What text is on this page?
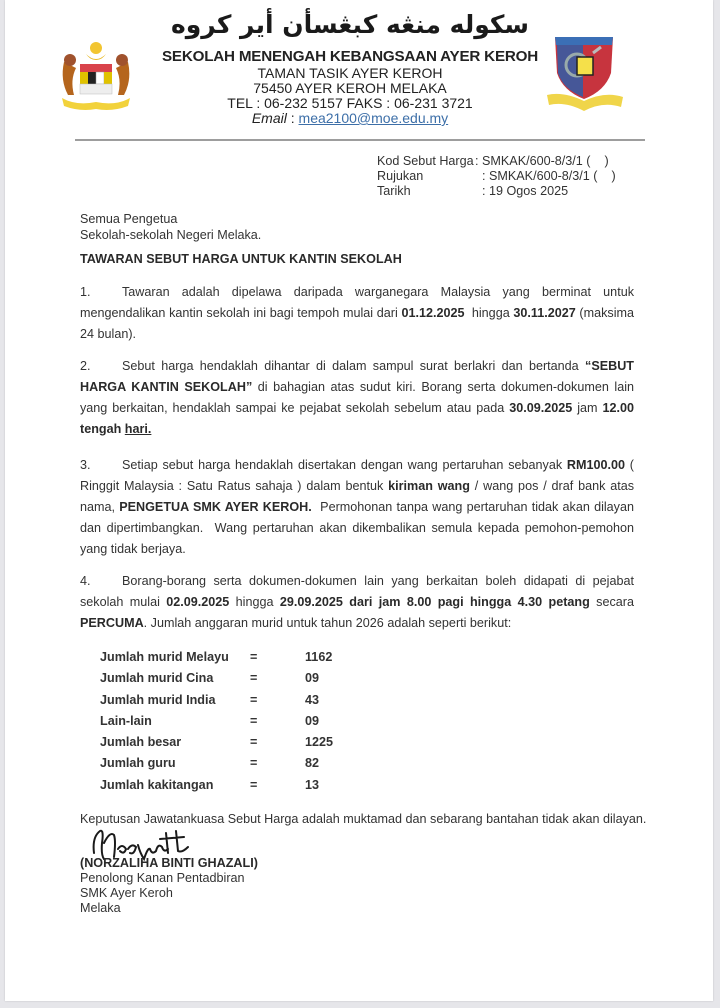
سكوله منڠه كبڠسأن أير كروه
SEKOLAH MENENGAH KEBANGSAAN AYER KEROH
TAMAN TASIK AYER KEROH
75450 AYER KEROH MELAKA
TEL : 06-232 5157 FAKS : 06-231 3721
Email : mea2100@moe.edu.my
Kod Sebut Harga: SMKAK/600-8/3/1 (    )
Rujukan	: SMKAK/600-8/3/1 (    )
Tarikh	: 19 Ogos 2025
Semua Pengetua
Sekolah-sekolah Negeri Melaka.
TAWARAN SEBUT HARGA UNTUK KANTIN SEKOLAH
1. Tawaran adalah dipelawa daripada warganegara Malaysia yang berminat untuk mengendalikan kantin sekolah ini bagi tempoh mulai dari 01.12.2025  hingga 30.11.2027 (maksima 24 bulan).
2. Sebut harga hendaklah dihantar di dalam sampul surat berlakri dan bertanda “SEBUT HARGA KANTIN SEKOLAH” di bahagian atas sudut kiri. Borang serta dokumen-dokumen lain yang berkaitan, hendaklah sampai ke pejabat sekolah sebelum atau pada 30.09.2025 jam 12.00 tengah hari.
3. Setiap sebut harga hendaklah disertakan dengan wang pertaruhan sebanyak RM100.00 ( Ringgit Malaysia : Satu Ratus sahaja ) dalam bentuk kiriman wang / wang pos / draf bank atas nama, PENGETUA SMK AYER KEROH.  Permohonan tanpa wang pertaruhan tidak akan dilayan dan dipertimbangkan.  Wang pertaruhan akan dikembalikan semula kepada pemohon-pemohon yang tidak berjaya.
4. Borang-borang serta dokumen-dokumen lain yang berkaitan boleh didapati di pejabat sekolah mulai 02.09.2025 hingga 29.09.2025 dari jam 8.00 pagi hingga 4.30 petang secara PERCUMA. Jumlah anggaran murid untuk tahun 2026 adalah seperti berikut:
Jumlah murid Melayu	=	1162
Jumlah murid Cina	=	09
Jumlah murid India	=	43
Lain-lain	=	09
Jumlah besar	=	1225
Jumlah guru	=	82
Jumlah kakitangan	=	13
Keputusan Jawatankuasa Sebut Harga adalah muktamad dan sebarang bantahan tidak akan dilayan.
(NORZALIHA BINTI GHAZALI)
Penolong Kanan Pentadbiran
SMK Ayer Keroh
Melaka
